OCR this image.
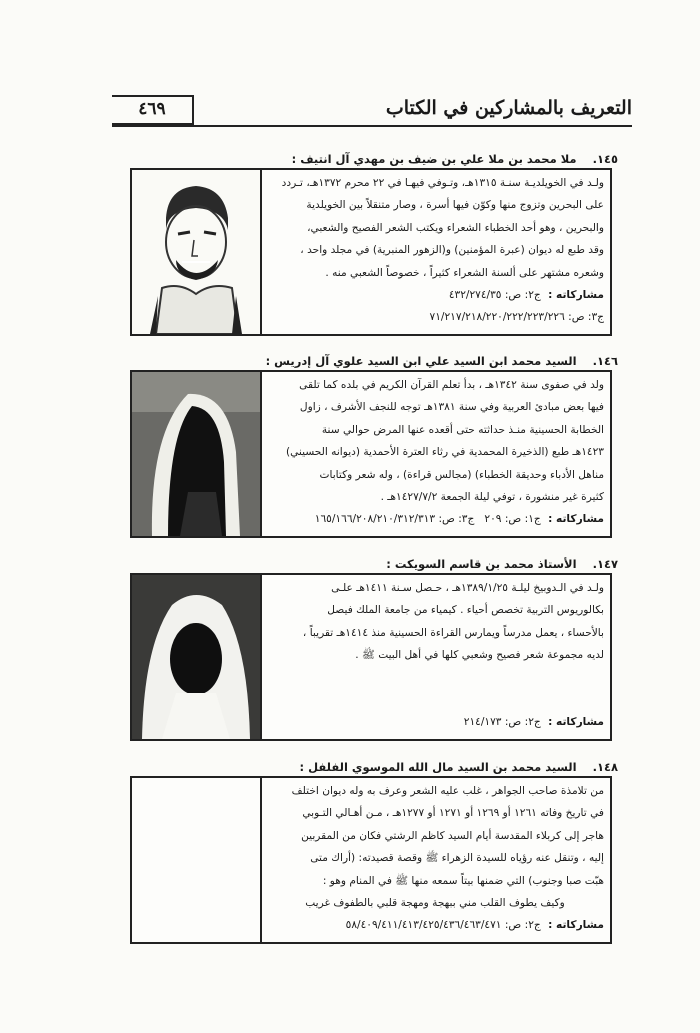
٤٦٩	التعريف بالمشاركين في الكتاب
١٤٥. ملا محمد بن ملا علي بن ضيف بن مهدي آل انتيف :

ولـد في الخويلديـة سنـة ١٣١٥هـ، وتـوفي فيهـا في ٢٢ محرم ١٣٧٢هـ، تـردد

على البحرين وتزوج منها وكوّن فيها أسرة ، وصار متنقلاً بين الخويلدية

والبحرين ، وهو أحد الخطباء الشعراء ويكتب الشعر الفصيح والشعبي،

وقد طبع له ديوان (عبرة المؤمنين) و(الزهور المنبرية) في مجلد واحد ،

وشعره مشتهر على ألسنة الشعراء كثيراً ، خصوصاً الشعبي منه .

مشاركاته : ج٢: ص: ٤٣٢/٢٧٤/٣٥

ج٣: ص: ٧١/٢١٧/٢١٨/٢٢٠/٢٢٢/٢٢٣/٢٢٦

١٤٦. السيد محمد ابن السيد علي ابن السيد علوي آل إدريس :

ولد في صفوى سنة ١٣٤٢هـ ، بدأ تعلم القرآن الكريم في بلده كما تلقى

فيها بعض مبادئ العربية وفي سنة ١٣٨١هـ توجه للنجف الأشرف ، زاول

الخطابة الحسينية منـذ حداثته حتى أقعده عنها المرض حوالي سنة

١٤٢٣هـ طبع (الذخيرة المحمدية في رثاء العترة الأحمدية (ديوانه الحسيني)

مناهل الأدباء وحديقة الخطباء) (مجالس قراءة) ، وله شعر وكتابات

كثيرة غير منشورة ، توفي ليلة الجمعة ١٤٢٧/٧/٢هـ .

مشاركاته : ج١: ص: ٢٠٩   ج٣: ص: ١٦٥/١٦٦/٢٠٨/٢١٠/٣١٢/٣١٣

١٤٧. الأستاذ محمد بن قاسم السويكت :

ولـد في الـدوبيخ ليلـة ١٣٨٩/١/٢٥هـ ، حـصل سـنة ١٤١١هـ علـى

بكالوريوس التربية تخصص أحياء . كيمياء من جامعة الملك فيصل

بالأحساء ، يعمل مدرساً ويمارس القراءة الحسينية منذ ١٤١٤هـ تقريباً ،

لديه مجموعة شعر فصيح وشعبي كلها في أهل البيت ﷺ .

مشاركاته : ج٢: ص: ٢١٤/١٧٣

١٤٨. السيد محمد بن السيد مال الله الموسوي الفلفل :

من تلامذة صاحب الجواهر ، غلب عليه الشعر وعرف به وله ديوان اختلف

في تاريخ وفاته ١٢٦١ أو ١٢٦٩ أو ١٢٧١ أو ١٢٧٧هـ ، مـن أهـالي التـوبي

هاجر إلى كربلاء المقدسة أيام السيد كاظم الرشتي فكان من المقربين

إليه ، وتنقل عنه رؤياه للسيدة الزهراء ﷺ وقصة قصيدته: (أراك متى

هبّت صبا وجنوب) التي ضمنها بيتاً سمعه منها ﷺ في المنام وهو :

وكيف يطوف القلب مني ببهجة ومهجة قلبي بالطفوف غريب

مشاركاته : ج٢: ص: ٥٨/٤٠٩/٤١١/٤١٣/٤٢٥/٤٣٦/٤٦٣/٤٧١
